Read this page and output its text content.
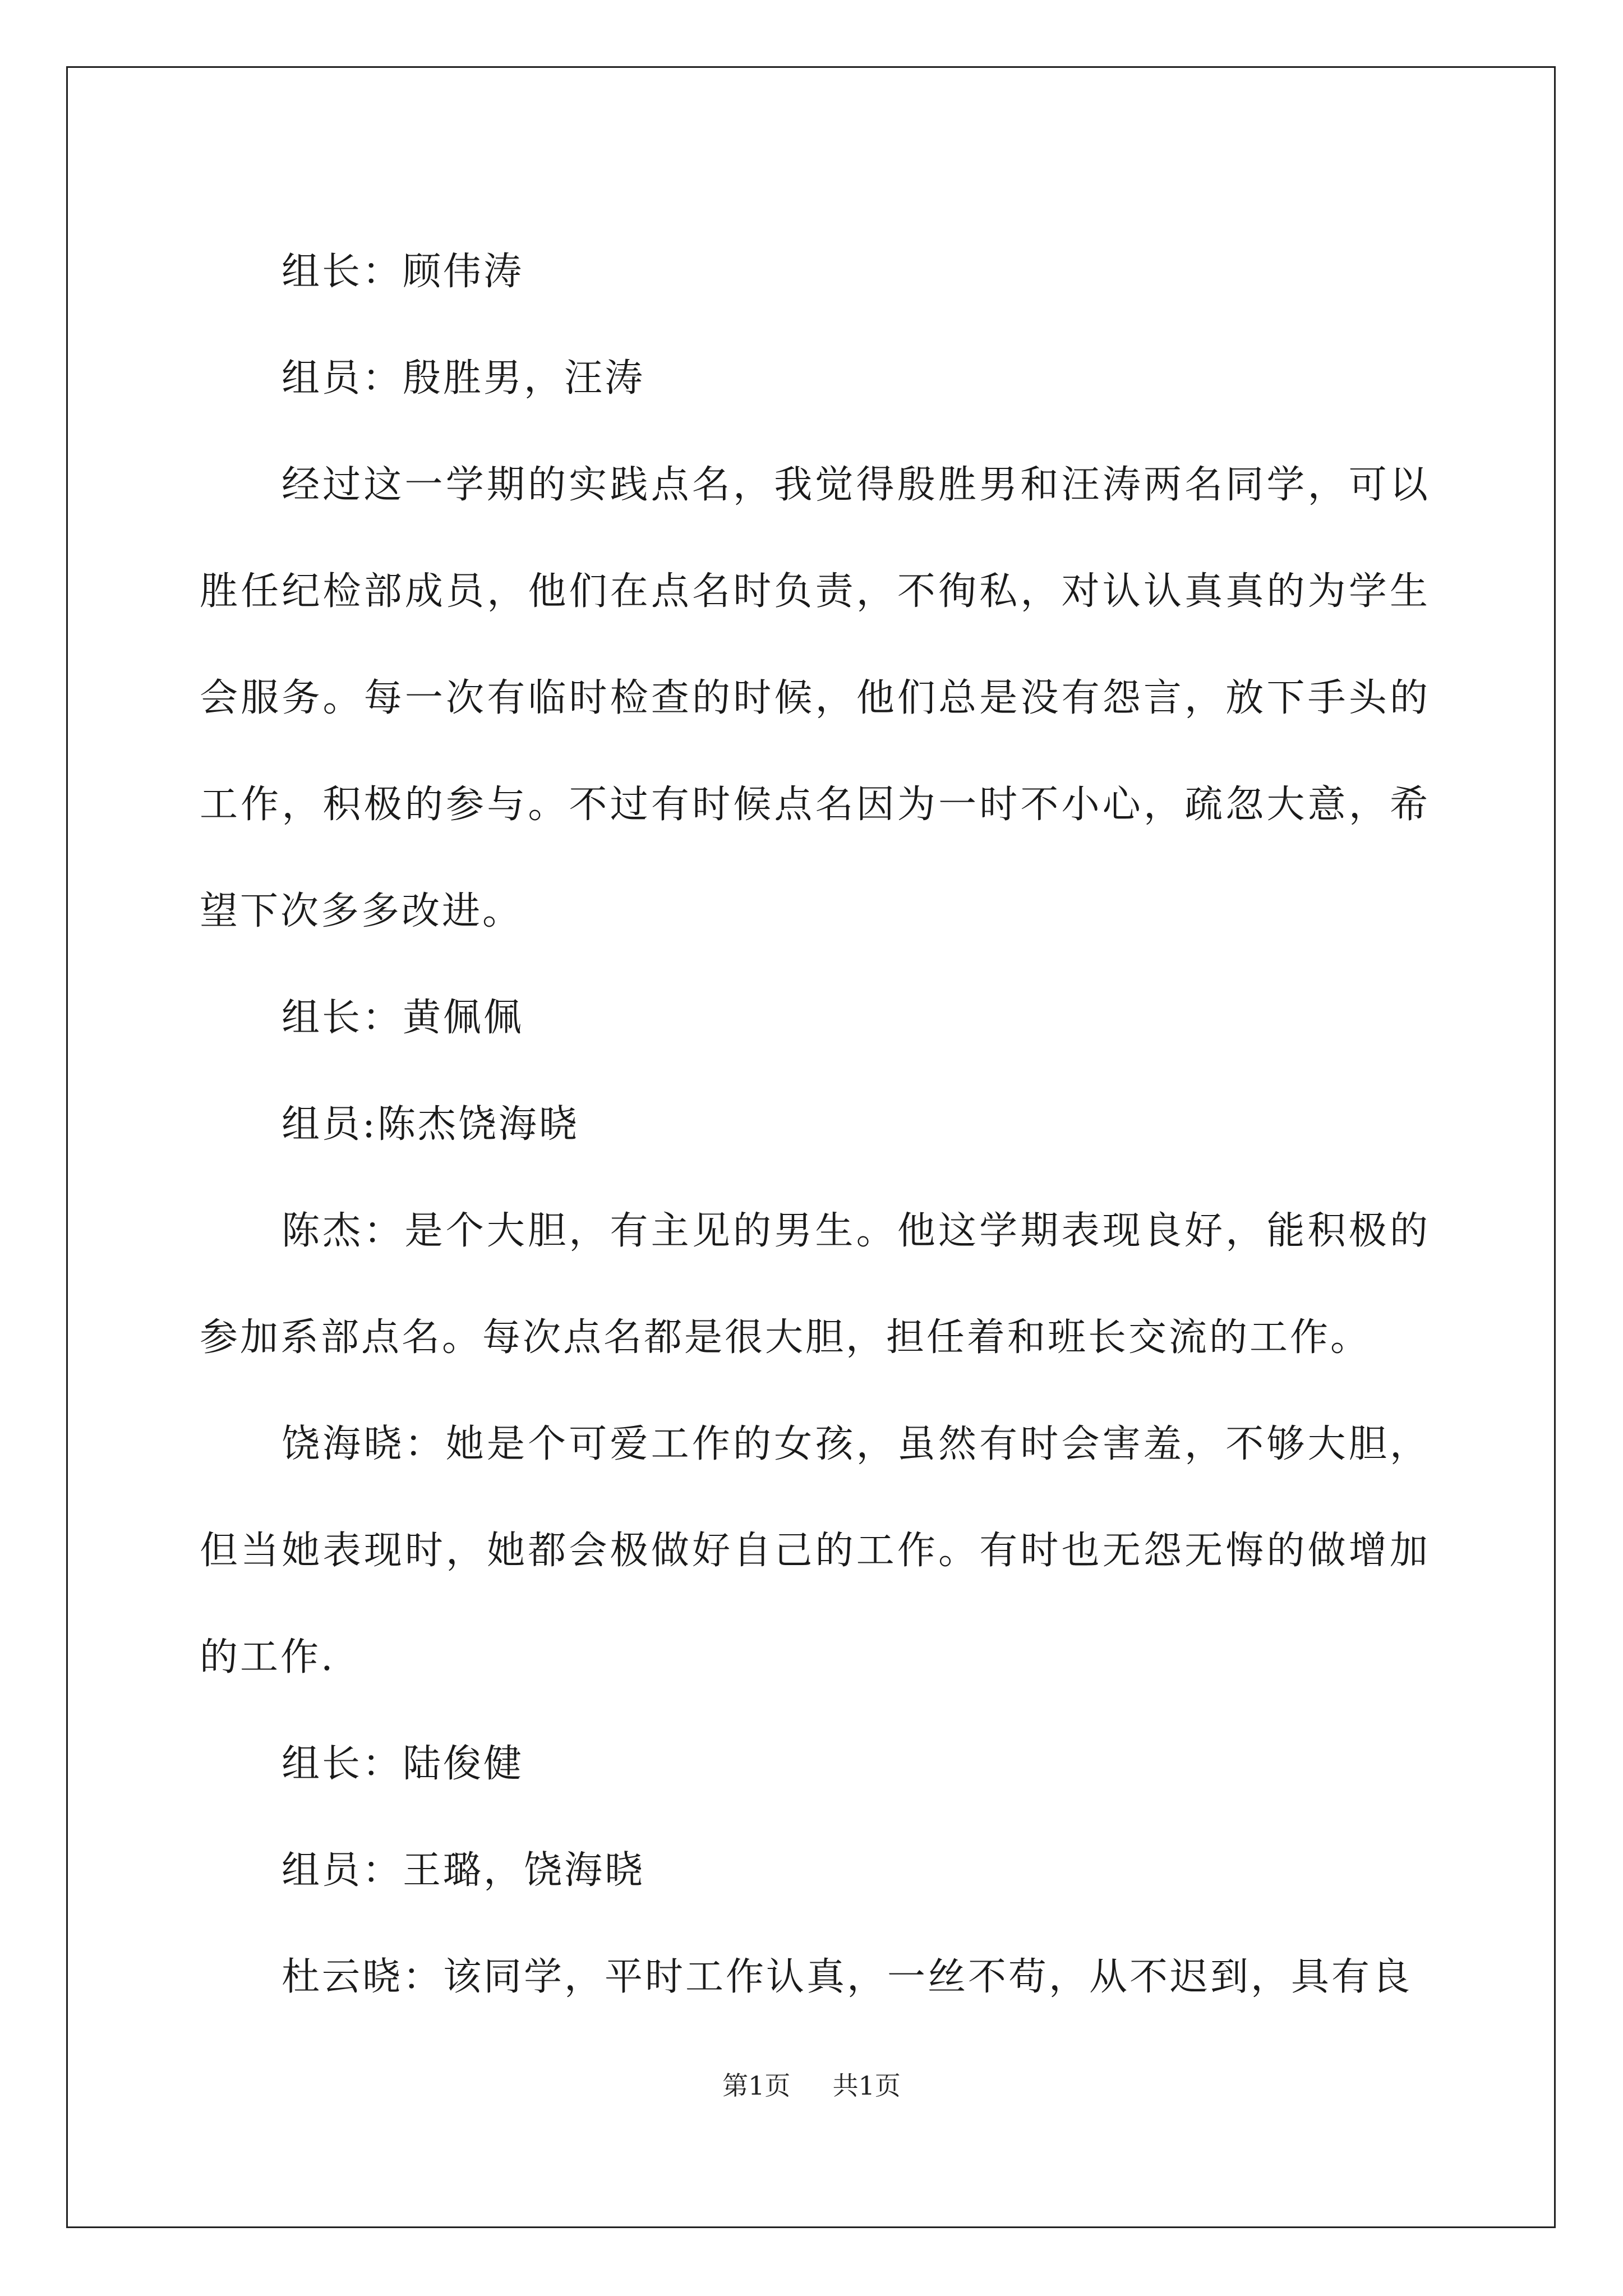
组长：顾伟涛

组员：殷胜男，汪涛

经过这一学期的实践点名，我觉得殷胜男和汪涛两名同学，可以胜任纪检部成员，他们在点名时负责，不徇私，对认认真真的为学生会服务。每一次有临时检查的时候，他们总是没有怨言，放下手头的工作，积极的参与。不过有时候点名因为一时不小心，疏忽大意，希望下次多多改进。

组长：黄佩佩

组员:陈杰饶海晓

陈杰：是个大胆，有主见的男生。他这学期表现良好，能积极的参加系部点名。每次点名都是很大胆，担任着和班长交流的工作。

饶海晓：她是个可爱工作的女孩，虽然有时会害羞，不够大胆，但当她表现时，她都会极做好自己的工作。有时也无怨无悔的做增加的工作.

组长：陆俊健

组员：王璐，饶海晓

杜云晓：该同学，平时工作认真，一丝不苟，从不迟到，具有良

第1页 共1页
